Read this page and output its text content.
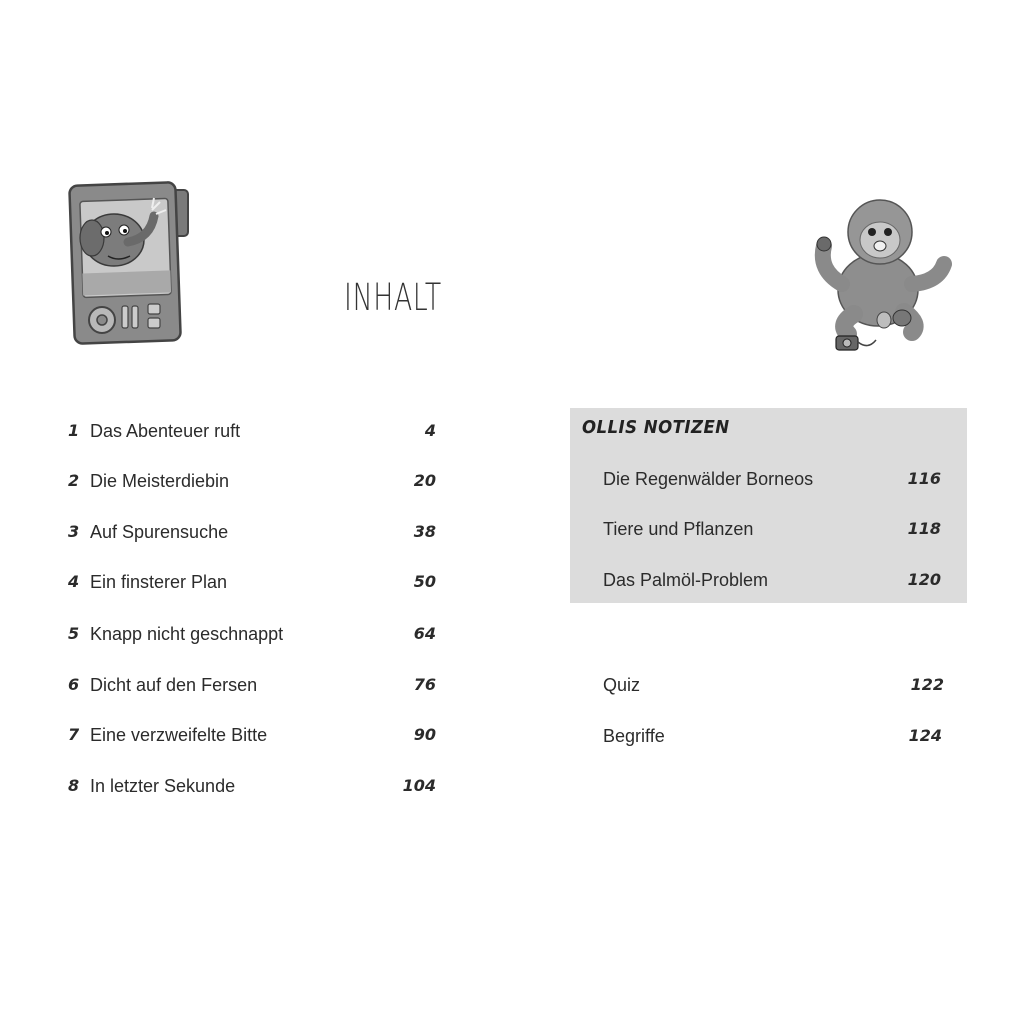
INHALT
1 Das Abenteuer ruft	4
2 Die Meisterdiebin	20
3 Auf Spurensuche	38
4 Ein finsterer Plan	50
5 Knapp nicht geschnappt	64
6 Dicht auf den Fersen	76
7 Eine verzweifelte Bitte	90
8 In letzter Sekunde	104
OLLIS NOTIZEN
Die Regenwälder Borneos	116
Tiere und Pflanzen	118
Das Palmöl-Problem	120
Quiz	122
Begriffe	124
